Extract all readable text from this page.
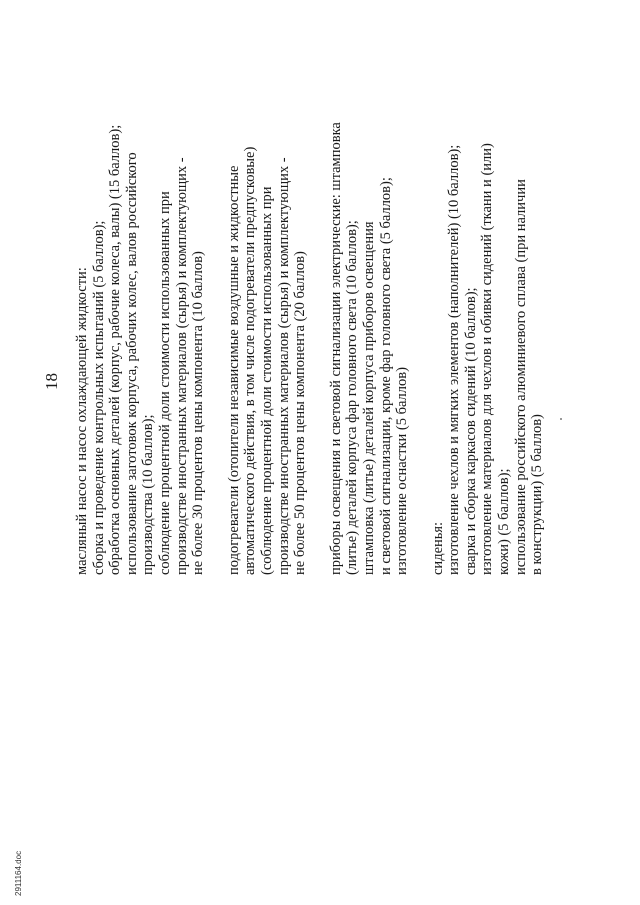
18 масляный насос и насос охлаждающей жидкости: сборка и проведение контрольных испытаний (5 баллов); обработка основных деталей (корпус, рабочие колеса, валы) (15 баллов); использование заготовок корпуса, рабочих колес, валов российского производства (10 баллов); соблюдение процентной доли стоимости использованных при производстве иностранных материалов (сырья) и комплектующих - не более 30 процентов цены компонента (10 баллов) подогреватели (отопители независимые воздушные и жидкостные автоматического действия, в том числе подогреватели предпусковые) (соблюдение процентной доли стоимости использованных при производстве иностранных материалов (сырья) и комплектующих - не более 50 процентов цены компонента (20 баллов) приборы освещения и световой сигнализации электрические: штамповка (литье) деталей корпуса фар головного света (10 баллов); штамповка (литье) деталей корпуса приборов освещения и световой сигнализации, кроме фар головного света (5 баллов); изготовление оснастки (5 баллов) сиденья: изготовление чехлов и мягких элементов (наполнителей) (10 баллов); сварка и сборка каркасов сидений (10 баллов); изготовление материалов для чехлов и обивки сидений (ткани и (или) кожи) (5 баллов); использование российского алюминиевого сплава (при наличии в конструкции) (5 баллов)
2911164.doc
